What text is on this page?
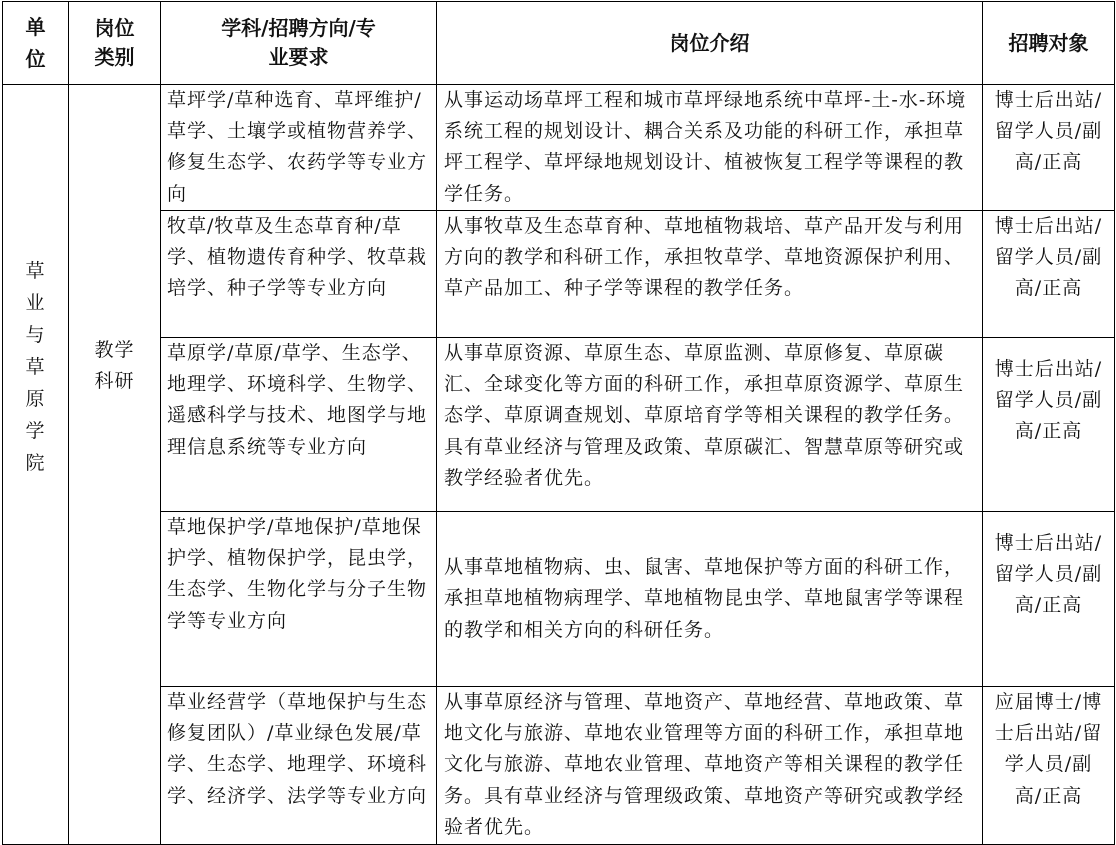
单位	岗位类别	学科/招聘方向/专业要求	岗位介绍	招聘对象
草业与草原学院	教学科研	草坪学/草种选育、草坪维护/草学、土壤学或植物营养学、修复生态学、农药学等专业方向	从事运动场草坪工程和城市草坪绿地系统中草坪-土-水-环境系统工程的规划设计、耦合关系及功能的科研工作，承担草坪工程学、草坪绿地规划设计、植被恢复工程学等课程的教学任务。	博士后出站/留学人员/副高/正高
		牧草/牧草及生态草育种/草学、植物遗传育种学、牧草栽培学、种子学等专业方向	从事牧草及生态草育种、草地植物栽培、草产品开发与利用方向的教学和科研工作，承担牧草学、草地资源保护利用、草产品加工、种子学等课程的教学任务。	博士后出站/留学人员/副高/正高
		草原学/草原/草学、生态学、地理学、环境科学、生物学、遥感科学与技术、地图学与地理信息系统等专业方向	从事草原资源、草原生态、草原监测、草原修复、草原碳汇、全球变化等方面的科研工作，承担草原资源学、草原生态学、草原调查规划、草原培育学等相关课程的教学任务。具有草业经济与管理及政策、草原碳汇、智慧草原等研究或教学经验者优先。	博士后出站/留学人员/副高/正高
		草地保护学/草地保护/草地保护学、植物保护学，昆虫学，生态学、生物化学与分子生物学等专业方向	从事草地植物病、虫、鼠害、草地保护等方面的科研工作，承担草地植物病理学、草地植物昆虫学、草地鼠害学等课程的教学和相关方向的科研任务。	博士后出站/留学人员/副高/正高
		草业经营学（草地保护与生态修复团队）/草业绿色发展/草学、生态学、地理学、环境科学、经济学、法学等专业方向	从事草原经济与管理、草地资产、草地经营、草地政策、草地文化与旅游、草地农业管理等方面的科研工作，承担草地文化与旅游、草地农业管理、草地资产等相关课程的教学任务。具有草业经济与管理级政策、草地资产等研究或教学经验者优先。	应届博士/博士后出站/留学人员/副高/正高
